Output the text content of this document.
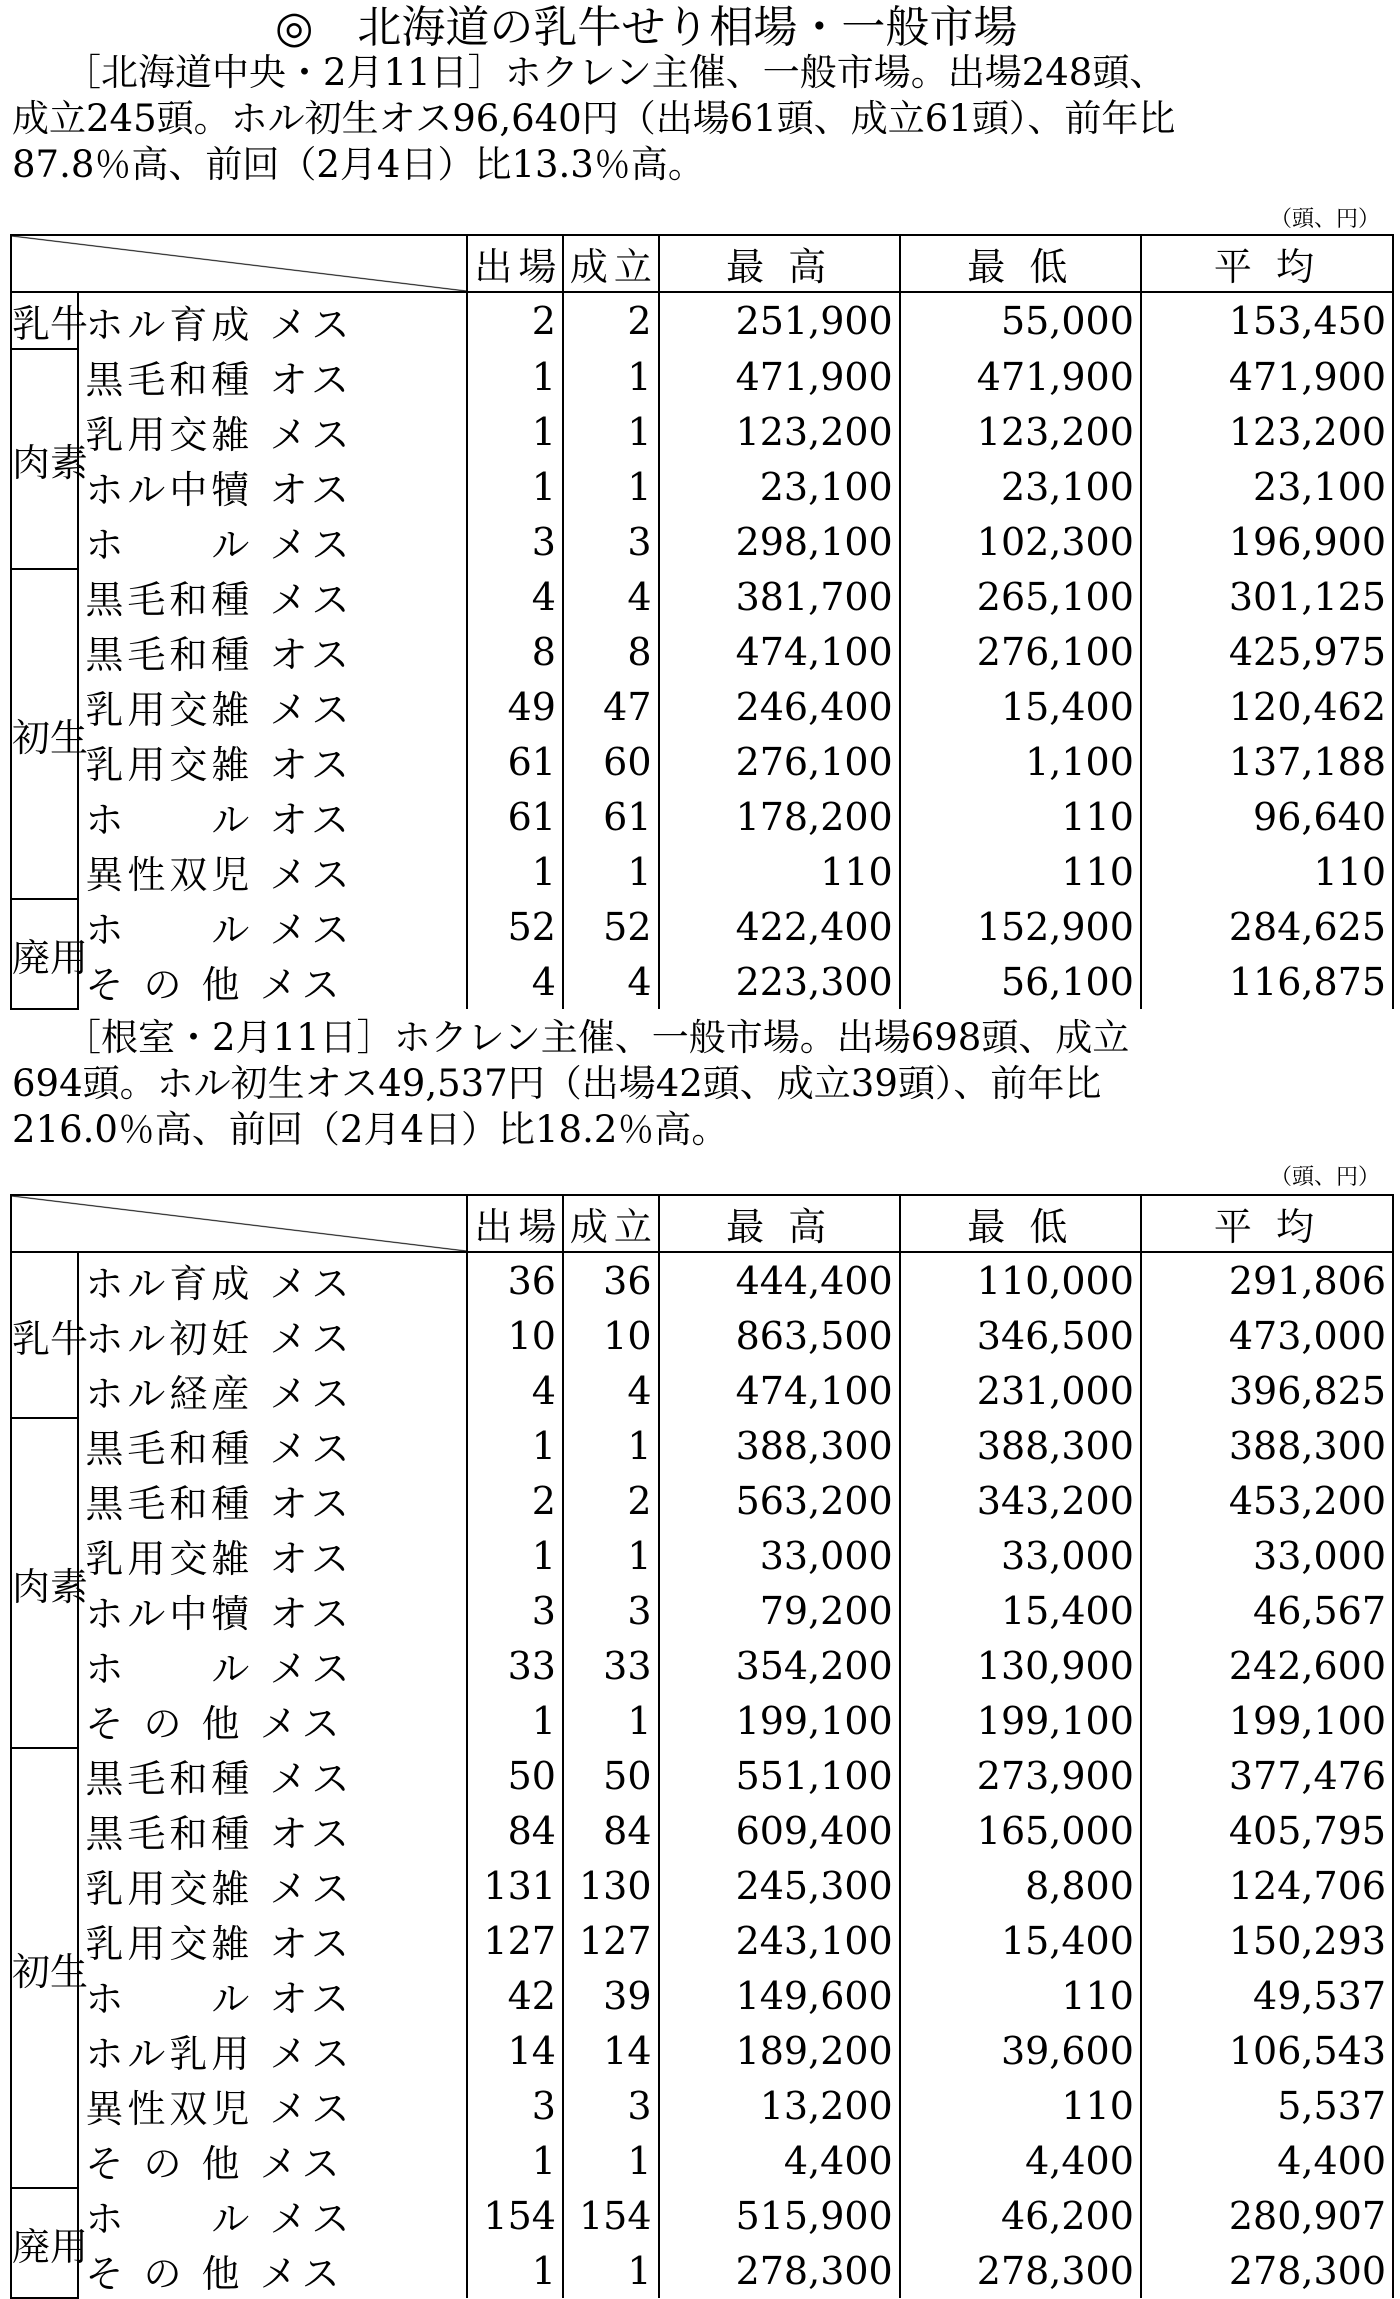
◎　北海道の乳牛せり相場・一般市場
［北海道中央・2月11日］ホクレン主催、一般市場。出場248頭、
成立245頭。ホル初生オス96,640円（出場61頭、成立61頭）、前年比
87.8％高、前回（2月4日）比13.3％高。
（頭、円）
		出場	成立	最 高	最 低	平 均
乳牛	ホル育成 メス	2	2	251,900	55,000	153,450
肉素	黒毛和種 オス	1	1	471,900	471,900	471,900
	乳用交雑 メス	1	1	123,200	123,200	123,200
	ホル中犢 オス	1	1	23,100	23,100	23,100
	ホ　　ル メス	3	3	298,100	102,300	196,900
初生	黒毛和種 メス	4	4	381,700	265,100	301,125
	黒毛和種 オス	8	8	474,100	276,100	425,975
	乳用交雑 メス	49	47	246,400	15,400	120,462
	乳用交雑 オス	61	60	276,100	1,100	137,188
	ホ　　ル オス	61	61	178,200	110	96,640
	異性双児 メス	1	1	110	110	110
廃用	ホ　　ル メス	52	52	422,400	152,900	284,625
	そ の 他 メス	4	4	223,300	56,100	116,875
［根室・2月11日］ホクレン主催、一般市場。出場698頭、成立
694頭。ホル初生オス49,537円（出場42頭、成立39頭）、前年比
216.0％高、前回（2月4日）比18.2％高。
（頭、円）
		出場	成立	最 高	最 低	平 均
乳牛	ホル育成 メス	36	36	444,400	110,000	291,806
	ホル初妊 メス	10	10	863,500	346,500	473,000
	ホル経産 メス	4	4	474,100	231,000	396,825
肉素	黒毛和種 メス	1	1	388,300	388,300	388,300
	黒毛和種 オス	2	2	563,200	343,200	453,200
	乳用交雑 オス	1	1	33,000	33,000	33,000
	ホル中犢 オス	3	3	79,200	15,400	46,567
	ホ　　ル メス	33	33	354,200	130,900	242,600
	そ の 他 メス	1	1	199,100	199,100	199,100
初生	黒毛和種 メス	50	50	551,100	273,900	377,476
	黒毛和種 オス	84	84	609,400	165,000	405,795
	乳用交雑 メス	131	130	245,300	8,800	124,706
	乳用交雑 オス	127	127	243,100	15,400	150,293
	ホ　　ル オス	42	39	149,600	110	49,537
	ホル乳用 メス	14	14	189,200	39,600	106,543
	異性双児 メス	3	3	13,200	110	5,537
	そ の 他 メス	1	1	4,400	4,400	4,400
廃用	ホ　　ル メス	154	154	515,900	46,200	280,907
	そ の 他 メス	1	1	278,300	278,300	278,300
